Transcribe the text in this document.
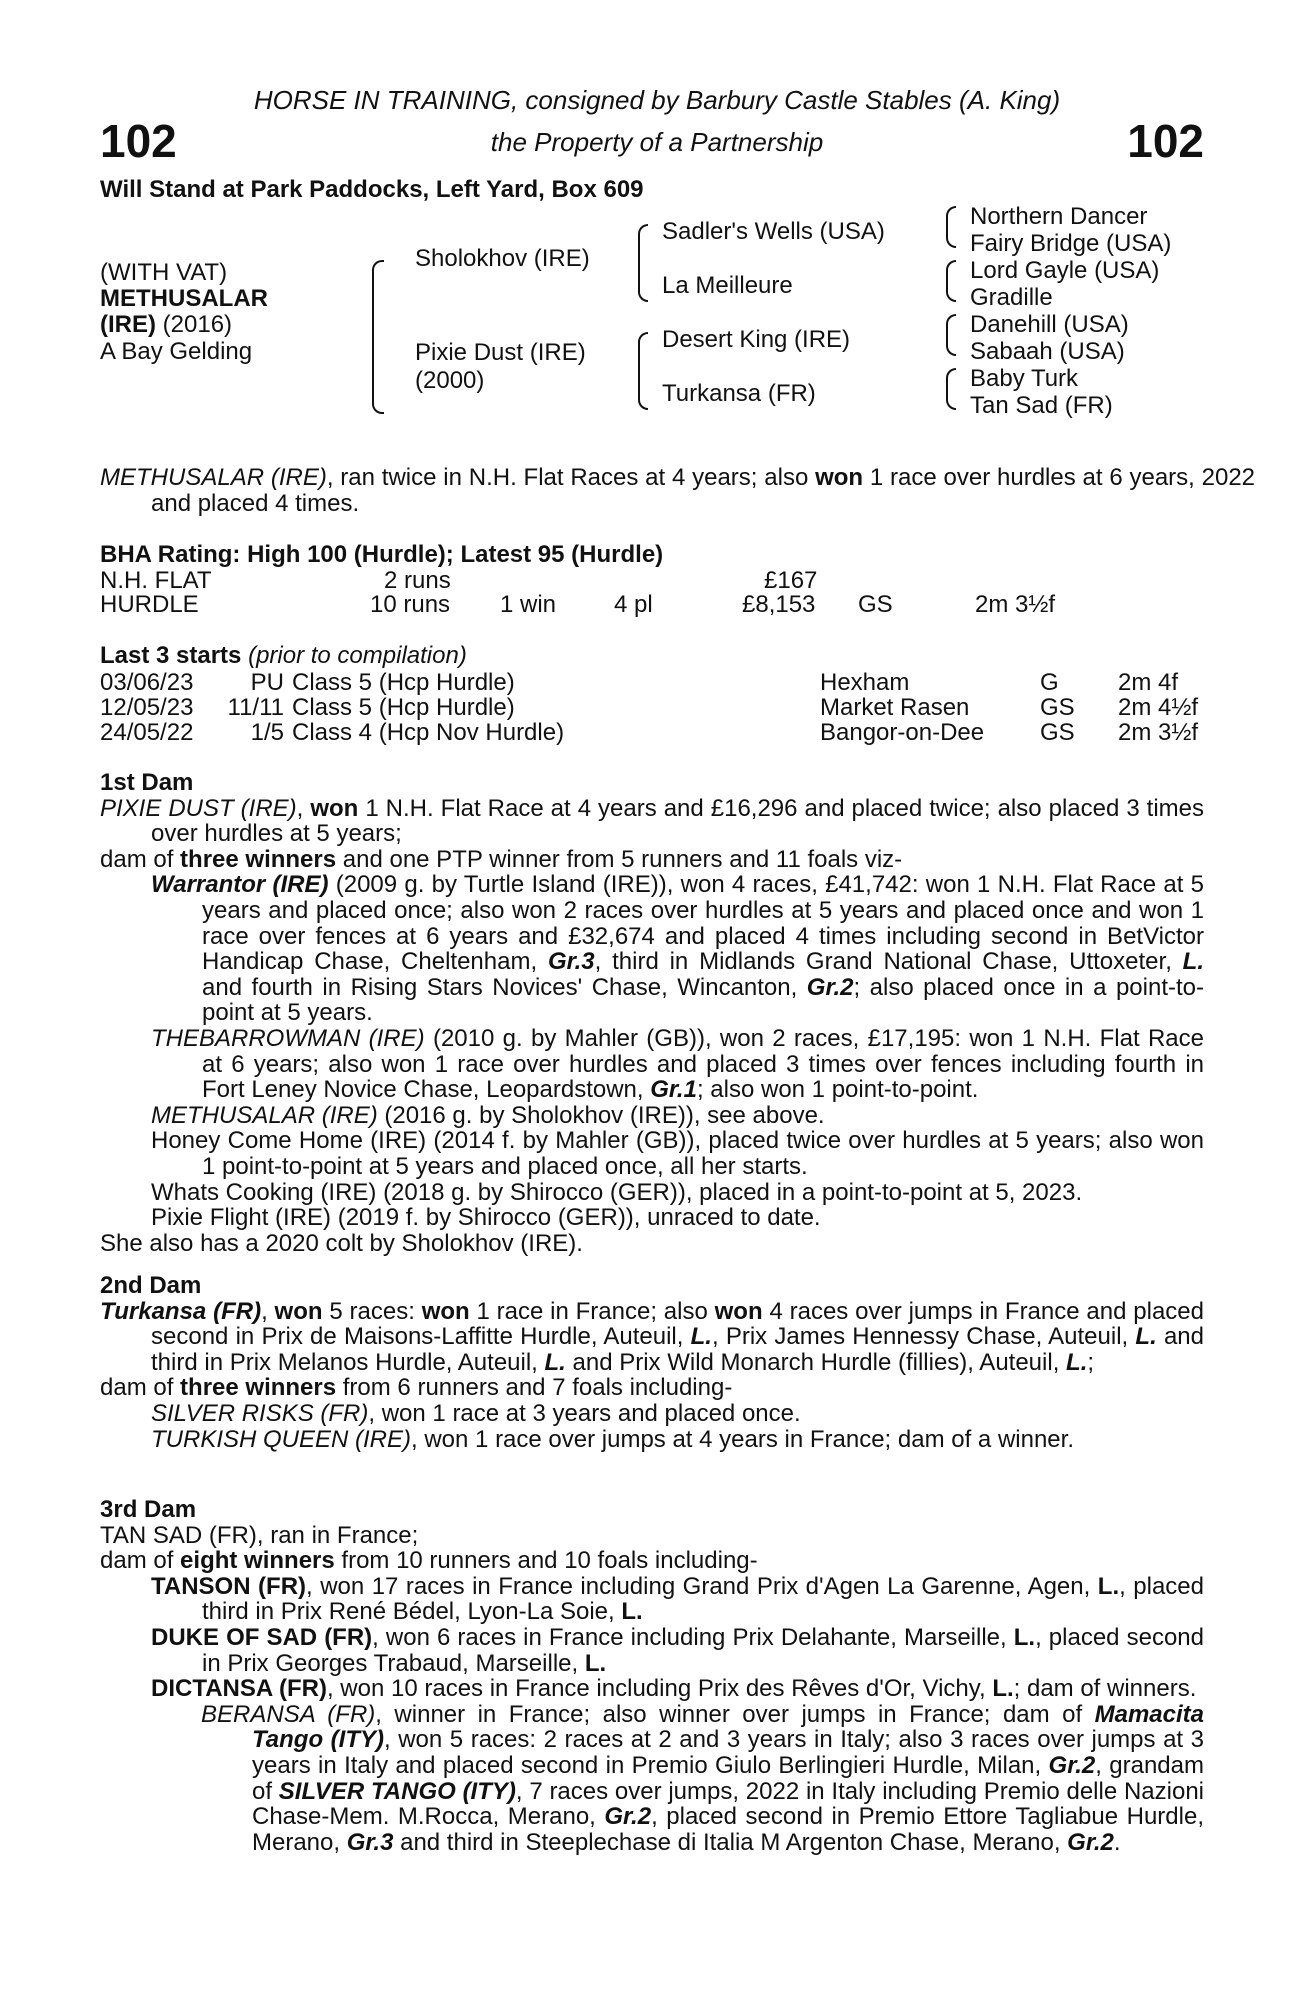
102	102
HORSE IN TRAINING, consigned by Barbury Castle Stables (A. King)
the Property of a Partnership
Will Stand at Park Paddocks, Left Yard, Box 609
(WITH VAT)
METHUSALAR
(IRE) (2016)
A Bay Gelding
Sholokhov (IRE)
Pixie Dust (IRE)
(2000)
Sadler's Wells (USA)
La Meilleure
Desert King (IRE)
Turkansa (FR)
Northern Dancer
Fairy Bridge (USA)
Lord Gayle (USA)
Gradille
Danehill (USA)
Sabaah (USA)
Baby Turk
Tan Sad (FR)
METHUSALAR (IRE), ran twice in N.H. Flat Races at 4 years; also won 1 race over hurdles at 6 years, 2022 and placed 4 times.
BHA Rating: High 100 (Hurdle); Latest 95 (Hurdle)
N.H. FLAT	2 runs	£167
HURDLE	10 runs 1 win 4 pl	£8,153 GS	2m 3½f
Last 3 starts (prior to compilation)
03/06/23	PU Class 5 (Hcp Hurdle)	Hexham	G 2m 4f
12/05/23	11/11 Class 5 (Hcp Hurdle)	Market Rasen	GS 2m 4½f
24/05/22	1/5 Class 4 (Hcp Nov Hurdle)	Bangor-on-Dee GS 2m 3½f
1st Dam
PIXIE DUST (IRE), won 1 N.H. Flat Race at 4 years and £16,296 and placed twice; also placed 3 times over hurdles at 5 years;
dam of three winners and one PTP winner from 5 runners and 11 foals viz-
Warrantor (IRE) (2009 g. by Turtle Island (IRE)), won 4 races, £41,742: won 1 N.H. Flat Race at 5 years and placed once; also won 2 races over hurdles at 5 years and placed once and won 1 race over fences at 6 years and £32,674 and placed 4 times including second in BetVictor Handicap Chase, Cheltenham, Gr.3, third in Midlands Grand National Chase, Uttoxeter, L. and fourth in Rising Stars Novices' Chase, Wincanton, Gr.2; also placed once in a point-to-point at 5 years.
THEBARROWMAN (IRE) (2010 g. by Mahler (GB)), won 2 races, £17,195: won 1 N.H. Flat Race at 6 years; also won 1 race over hurdles and placed 3 times over fences including fourth in Fort Leney Novice Chase, Leopardstown, Gr.1; also won 1 point-to-point.
METHUSALAR (IRE) (2016 g. by Sholokhov (IRE)), see above.
Honey Come Home (IRE) (2014 f. by Mahler (GB)), placed twice over hurdles at 5 years; also won 1 point-to-point at 5 years and placed once, all her starts.
Whats Cooking (IRE) (2018 g. by Shirocco (GER)), placed in a point-to-point at 5, 2023.
Pixie Flight (IRE) (2019 f. by Shirocco (GER)), unraced to date.
She also has a 2020 colt by Sholokhov (IRE).
2nd Dam
Turkansa (FR), won 5 races: won 1 race in France; also won 4 races over jumps in France and placed second in Prix de Maisons-Laffitte Hurdle, Auteuil, L., Prix James Hennessy Chase, Auteuil, L. and third in Prix Melanos Hurdle, Auteuil, L. and Prix Wild Monarch Hurdle (fillies), Auteuil, L.;
dam of three winners from 6 runners and 7 foals including-
SILVER RISKS (FR), won 1 race at 3 years and placed once.
TURKISH QUEEN (IRE), won 1 race over jumps at 4 years in France; dam of a winner.
3rd Dam
TAN SAD (FR), ran in France;
dam of eight winners from 10 runners and 10 foals including-
TANSON (FR), won 17 races in France including Grand Prix d'Agen La Garenne, Agen, L., placed third in Prix René Bédel, Lyon-La Soie, L.
DUKE OF SAD (FR), won 6 races in France including Prix Delahante, Marseille, L., placed second in Prix Georges Trabaud, Marseille, L.
DICTANSA (FR), won 10 races in France including Prix des Rêves d'Or, Vichy, L.; dam of winners.
BERANSA (FR), winner in France; also winner over jumps in France; dam of Mamacita Tango (ITY), won 5 races: 2 races at 2 and 3 years in Italy; also 3 races over jumps at 3 years in Italy and placed second in Premio Giulo Berlingieri Hurdle, Milan, Gr.2, grandam of SILVER TANGO (ITY), 7 races over jumps, 2022 in Italy including Premio delle Nazioni Chase-Mem. M.Rocca, Merano, Gr.2, placed second in Premio Ettore Tagliabue Hurdle, Merano, Gr.3 and third in Steeplechase di Italia M Argenton Chase, Merano, Gr.2.
